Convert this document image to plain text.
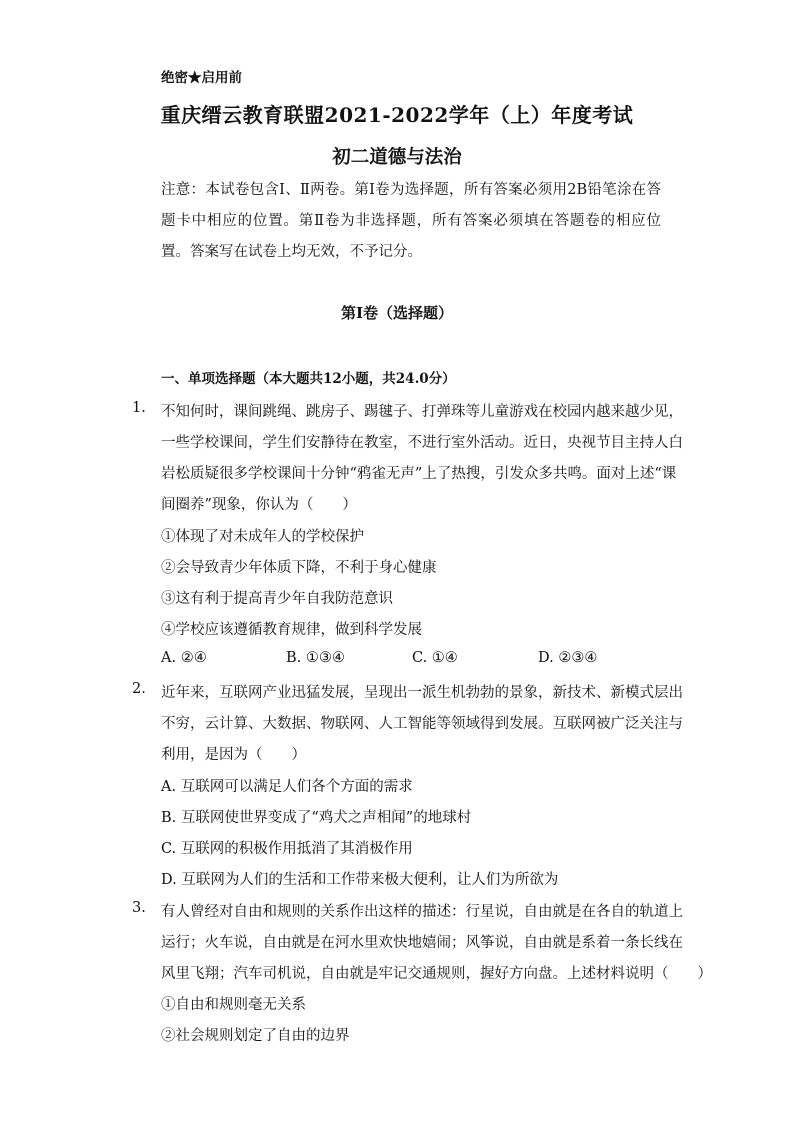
绝密★启用前
重庆缙云教育联盟2021-2022学年（上）年度考试
初二道德与法治
注意：本试卷包含Ⅰ、Ⅱ两卷。第Ⅰ卷为选择题，所有答案必须用2B铅笔涂在答题卡中相应的位置。第Ⅱ卷为非选择题，所有答案必须填在答题卷的相应位置。答案写在试卷上均无效，不予记分。
第Ⅰ卷（选择题）
一、单项选择题（本大题共12小题，共24.0分）
1. 不知何时，课间跳绳、跳房子、踢毽子、打弹珠等儿童游戏在校园内越来越少见，
一些学校课间，学生们安静待在教室，不进行室外活动。近日，央视节目主持人白
岩松质疑很多学校课间十分钟“鸦雀无声”上了热搜，引发众多共鸣。面对上述“课
间圈养”现象，你认为（　　）
①体现了对未成年人的学校保护
②会导致青少年体质下降，不利于身心健康
③这有利于提高青少年自我防范意识
④学校应该遵循教育规律，做到科学发展
A. ②④	B. ①③④	C. ①④	D. ②③④
2. 近年来，互联网产业迅猛发展，呈现出一派生机勃勃的景象，新技术、新模式层出
不穷，云计算、大数据、物联网、人工智能等领域得到发展。互联网被广泛关注与
利用，是因为（　　）
A. 互联网可以满足人们各个方面的需求
B. 互联网使世界变成了“鸡犬之声相闻”的地球村
C. 互联网的积极作用抵消了其消极作用
D. 互联网为人们的生活和工作带来极大便利，让人们为所欲为
3. 有人曾经对自由和规则的关系作出这样的描述：行星说，自由就是在各自的轨道上
运行；火车说，自由就是在河水里欢快地嬉闹；风筝说，自由就是系着一条长线在
风里飞翔；汽车司机说，自由就是牢记交通规则，握好方向盘。上述材料说明（　　）
①自由和规则毫无关系
②社会规则划定了自由的边界
